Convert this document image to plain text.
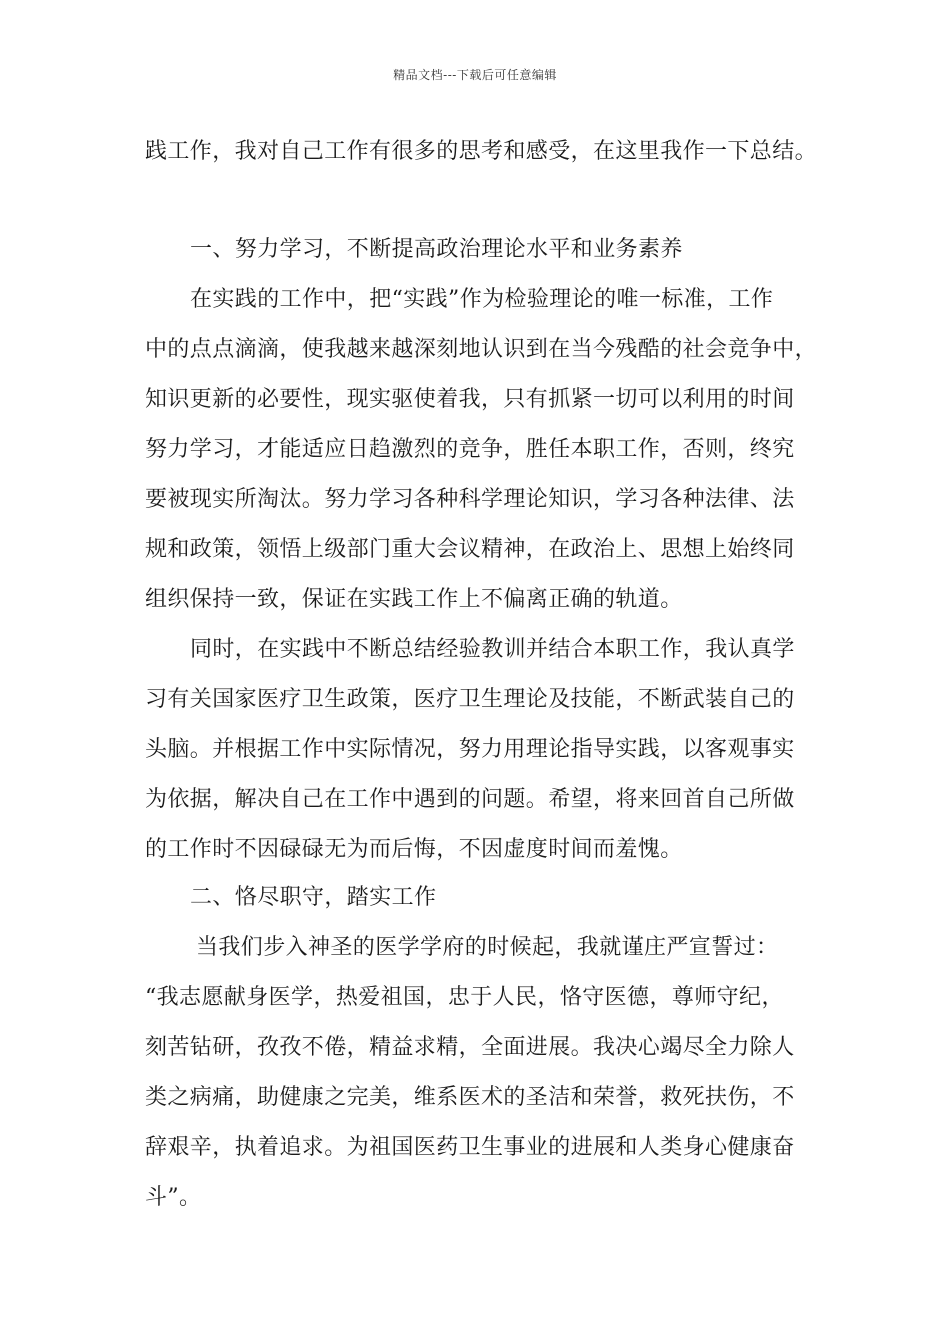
精品文档---下载后可任意编辑
践工作，我对自己工作有很多的思考和感受，在这里我作一下总结。
一、努力学习，不断提高政治理论水平和业务素养
在实践的工作中，把“实践”作为检验理论的唯一标准，工作
中的点点滴滴，使我越来越深刻地认识到在当今残酷的社会竞争中，
知识更新的必要性，现实驱使着我，只有抓紧一切可以利用的时间
努力学习，才能适应日趋激烈的竞争，胜任本职工作，否则，终究
要被现实所淘汰。努力学习各种科学理论知识，学习各种法律、法
规和政策，领悟上级部门重大会议精神，在政治上、思想上始终同
组织保持一致，保证在实践工作上不偏离正确的轨道。
同时，在实践中不断总结经验教训并结合本职工作，我认真学
习有关国家医疗卫生政策，医疗卫生理论及技能，不断武装自己的
头脑。并根据工作中实际情况，努力用理论指导实践，以客观事实
为依据，解决自己在工作中遇到的问题。希望，将来回首自己所做
的工作时不因碌碌无为而后悔，不因虚度时间而羞愧。
二、恪尽职守，踏实工作
当我们步入神圣的医学学府的时候起，我就谨庄严宣誓过：
“我志愿献身医学，热爱祖国，忠于人民，恪守医德，尊师守纪，
刻苦钻研，孜孜不倦，精益求精，全面进展。我决心竭尽全力除人
类之病痛，助健康之完美，维系医术的圣洁和荣誉，救死扶伤，不
辞艰辛，执着追求。为祖国医药卫生事业的进展和人类身心健康奋
斗”。
